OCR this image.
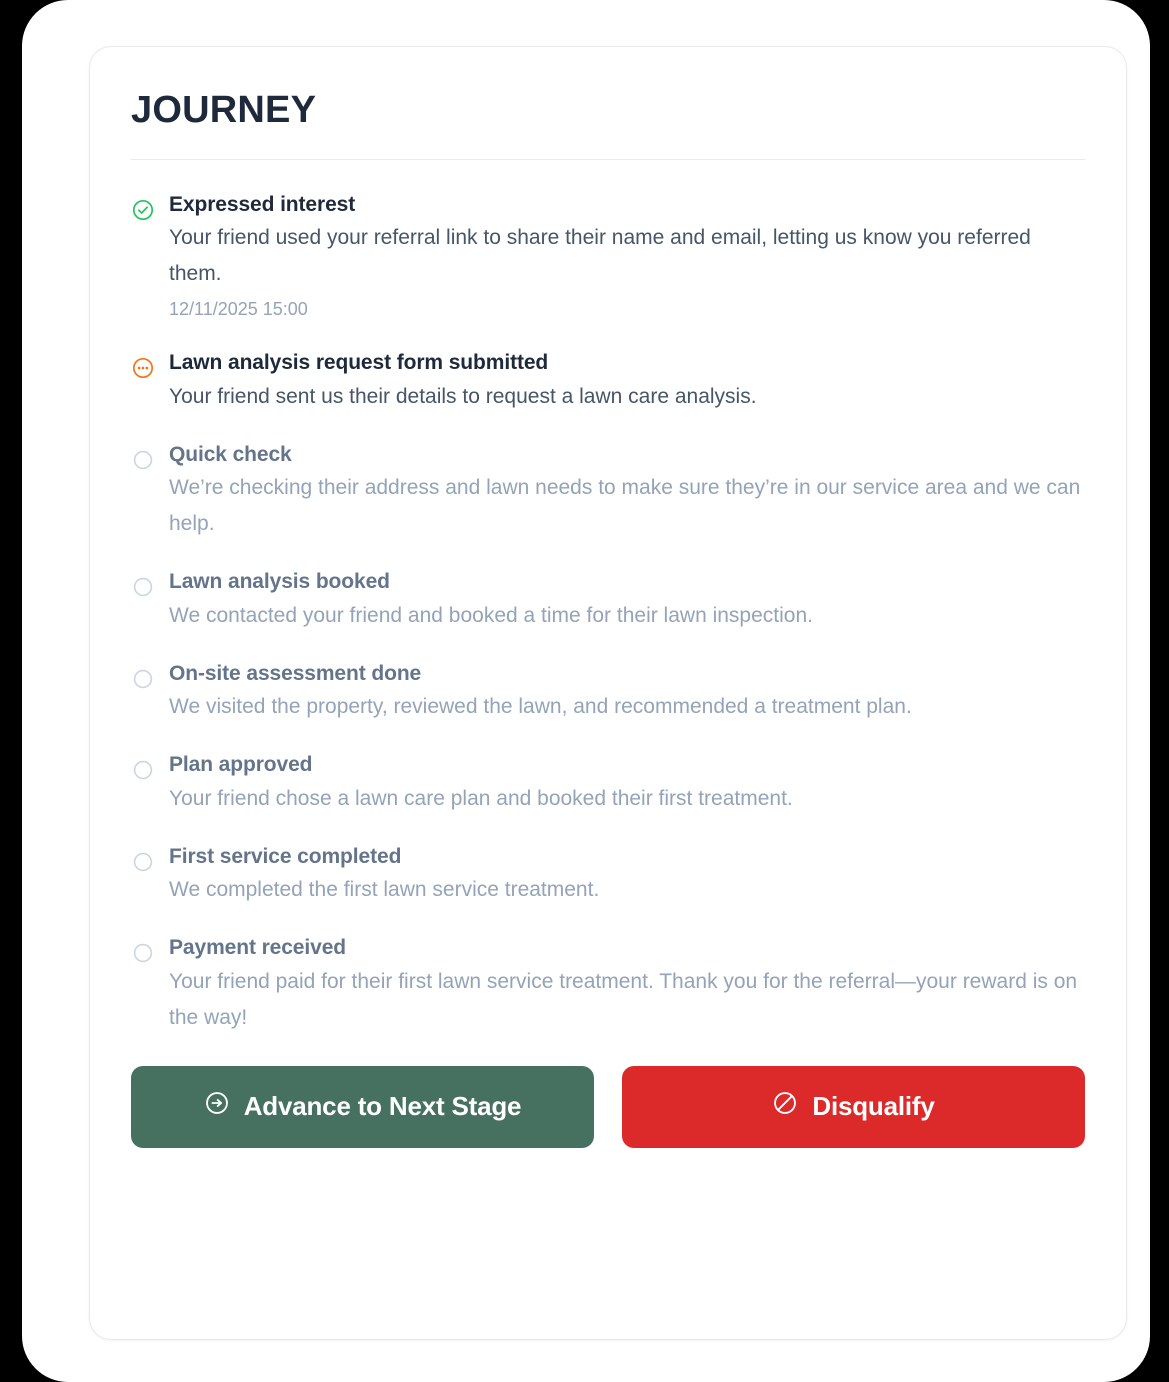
JOURNEY
Expressed interest
Your friend used your referral link to share their name and email, letting us know you referred them.
12/11/2025 15:00
Lawn analysis request form submitted
Your friend sent us their details to request a lawn care analysis.
Quick check
We’re checking their address and lawn needs to make sure they’re in our service area and we can help.
Lawn analysis booked
We contacted your friend and booked a time for their lawn inspection.
On-site assessment done
We visited the property, reviewed the lawn, and recommended a treatment plan.
Plan approved
Your friend chose a lawn care plan and booked their first treatment.
First service completed
We completed the first lawn service treatment.
Payment received
Your friend paid for their first lawn service treatment. Thank you for the referral—your reward is on the way!
Advance to Next Stage	Disqualify
